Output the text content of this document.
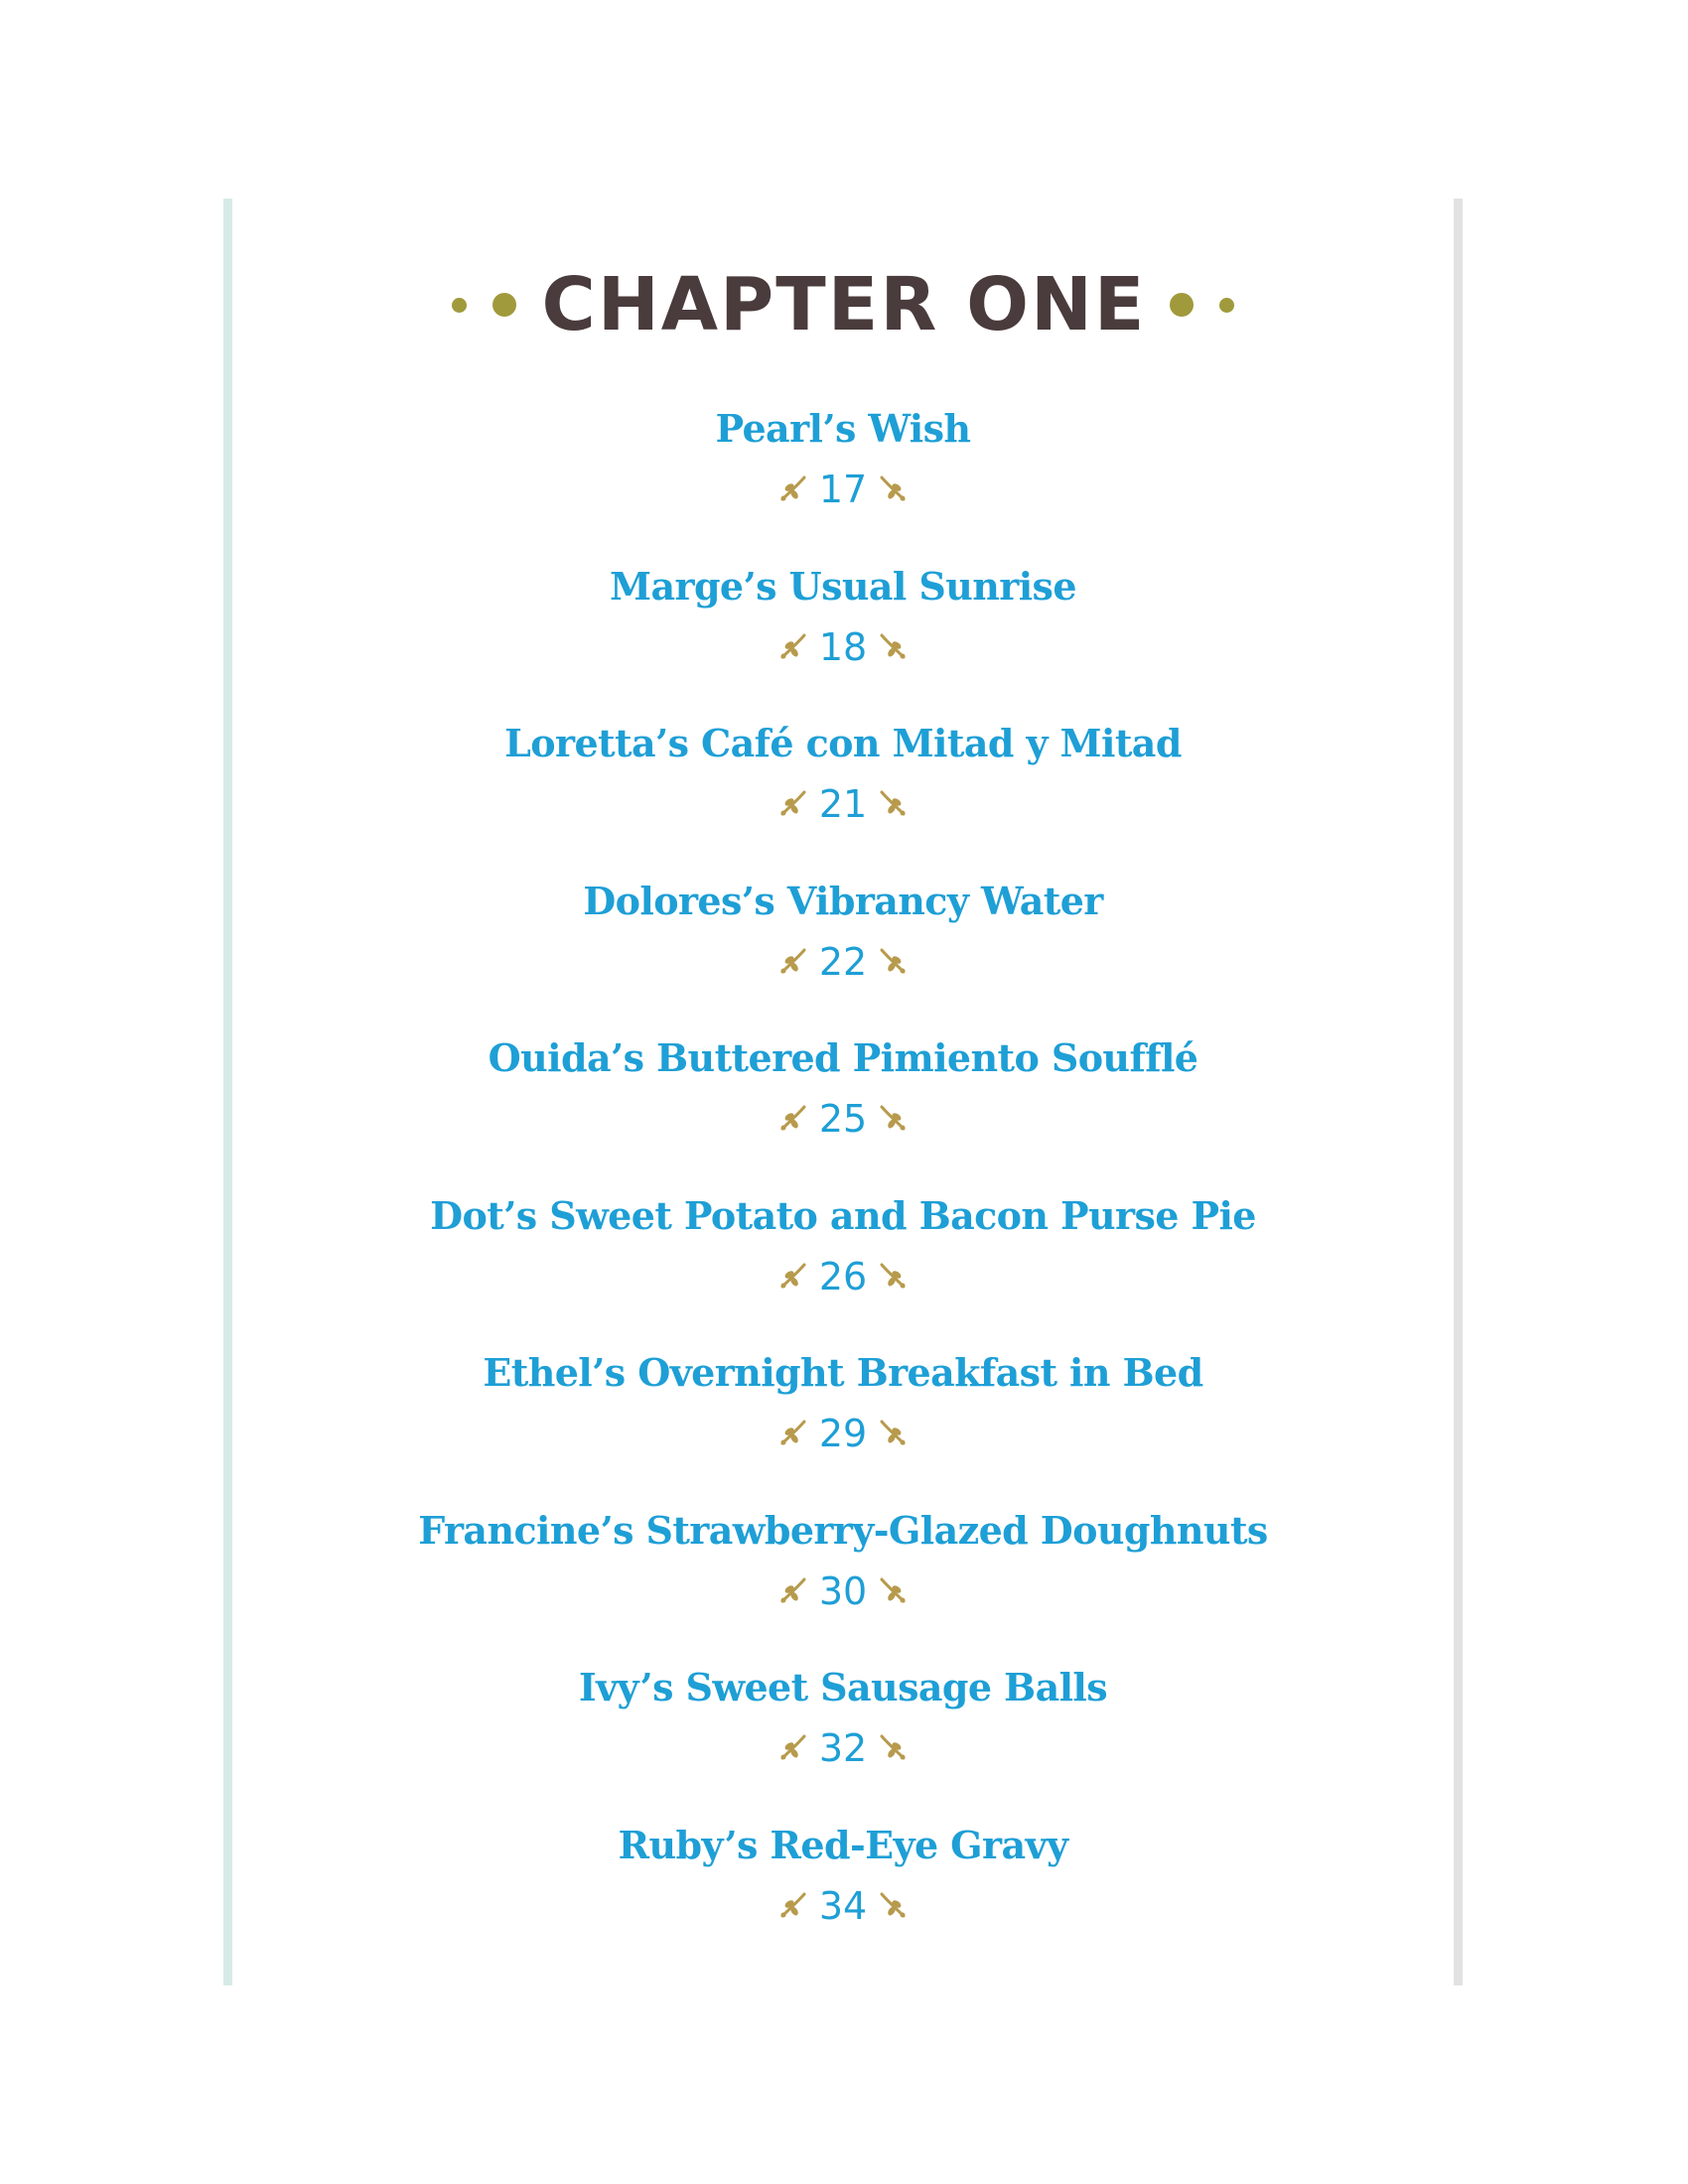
CHAPTER ONE
Pearl’s Wish
17
Marge’s Usual Sunrise
18
Loretta’s Café con Mitad y Mitad
21
Dolores’s Vibrancy Water
22
Ouida’s Buttered Pimiento Soufflé
25
Dot’s Sweet Potato and Bacon Purse Pie
26
Ethel’s Overnight Breakfast in Bed
29
Francine’s Strawberry-Glazed Doughnuts
30
Ivy’s Sweet Sausage Balls
32
Ruby’s Red-Eye Gravy
34
